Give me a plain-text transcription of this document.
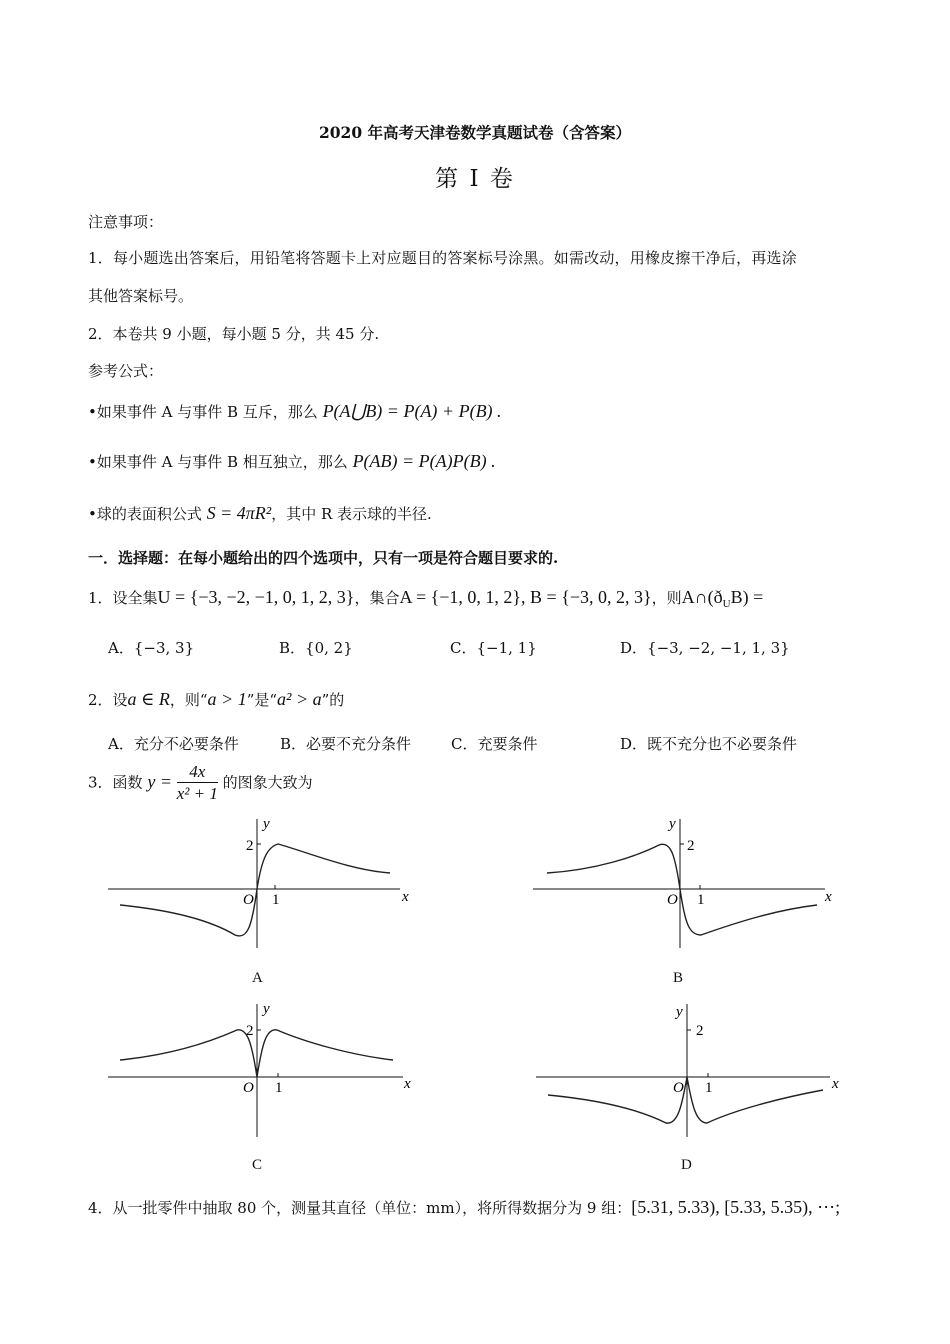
2020 年高考天津卷数学真题试卷（含答案）
第 I 卷
注意事项：
1．每小题选出答案后，用铅笔将答题卡上对应题目的答案标号涂黑。如需改动，用橡皮擦干净后，再选涂
其他答案标号。
2．本卷共 9 小题，每小题 5 分，共 45 分.
参考公式：
•如果事件 A 与事件 B 互斥，那么 P(A⋃B) = P(A) + P(B) .
•如果事件 A 与事件 B 相互独立，那么 P(AB) = P(A)P(B) .
•球的表面积公式 S = 4πR²，其中 R 表示球的半径.
一．选择题：在每小题给出的四个选项中，只有一项是符合题目要求的.
1．设全集U = {−3, −2, −1, 0, 1, 2, 3}，集合A = {−1, 0, 1, 2}, B = {−3, 0, 2, 3}，则$A\cap(ð_UB)$ =
A．{−3, 3}	B．{0, 2}	C．{−1, 1}	D．{−3, −2, −1, 1, 3}
2．设a ∈ R，则“a > 1”是“a² > a”的
A．充分不必要条件	B．必要不充分条件	C．充要条件	D．既不充分也不必要条件
3．函数 $y = \frac{4x}{\text{x² + 1}}$ 的图象大致为
y
x
2
1
O
A
y
x
2
1
O
B
y
x
2
1
O
C
y
x
2
1
O
D
4．从一批零件中抽取 80 个，测量其直径（单位：mm），将所得数据分为 9 组：[5.31, 5.33), [5.33, 5.35), ⋯;
